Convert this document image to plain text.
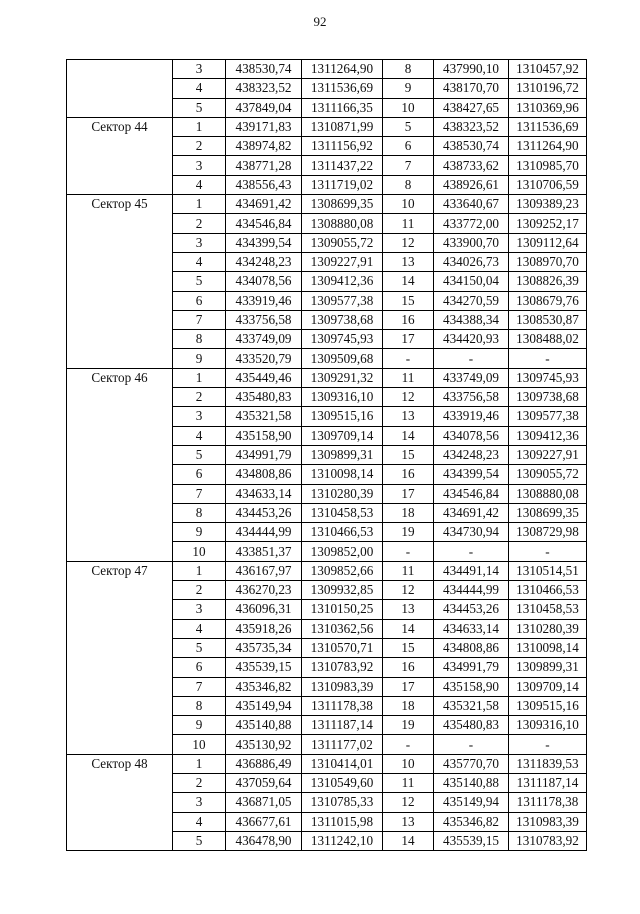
92
	3	438530,74	1311264,90	8	437990,10	1310457,92
	4	438323,52	1311536,69	9	438170,70	1310196,72
	5	437849,04	1311166,35	10	438427,65	1310369,96
Сектор 44	1	439171,83	1310871,99	5	438323,52	1311536,69
	2	438974,82	1311156,92	6	438530,74	1311264,90
	3	438771,28	1311437,22	7	438733,62	1310985,70
	4	438556,43	1311719,02	8	438926,61	1310706,59
Сектор 45	1	434691,42	1308699,35	10	433640,67	1309389,23
	2	434546,84	1308880,08	11	433772,00	1309252,17
	3	434399,54	1309055,72	12	433900,70	1309112,64
	4	434248,23	1309227,91	13	434026,73	1308970,70
	5	434078,56	1309412,36	14	434150,04	1308826,39
	6	433919,46	1309577,38	15	434270,59	1308679,76
	7	433756,58	1309738,68	16	434388,34	1308530,87
	8	433749,09	1309745,93	17	434420,93	1308488,02
	9	433520,79	1309509,68	-	-	-
Сектор 46	1	435449,46	1309291,32	11	433749,09	1309745,93
	2	435480,83	1309316,10	12	433756,58	1309738,68
	3	435321,58	1309515,16	13	433919,46	1309577,38
	4	435158,90	1309709,14	14	434078,56	1309412,36
	5	434991,79	1309899,31	15	434248,23	1309227,91
	6	434808,86	1310098,14	16	434399,54	1309055,72
	7	434633,14	1310280,39	17	434546,84	1308880,08
	8	434453,26	1310458,53	18	434691,42	1308699,35
	9	434444,99	1310466,53	19	434730,94	1308729,98
	10	433851,37	1309852,00	-	-	-
Сектор 47	1	436167,97	1309852,66	11	434491,14	1310514,51
	2	436270,23	1309932,85	12	434444,99	1310466,53
	3	436096,31	1310150,25	13	434453,26	1310458,53
	4	435918,26	1310362,56	14	434633,14	1310280,39
	5	435735,34	1310570,71	15	434808,86	1310098,14
	6	435539,15	1310783,92	16	434991,79	1309899,31
	7	435346,82	1310983,39	17	435158,90	1309709,14
	8	435149,94	1311178,38	18	435321,58	1309515,16
	9	435140,88	1311187,14	19	435480,83	1309316,10
	10	435130,92	1311177,02	-	-	-
Сектор 48	1	436886,49	1310414,01	10	435770,70	1311839,53
	2	437059,64	1310549,60	11	435140,88	1311187,14
	3	436871,05	1310785,33	12	435149,94	1311178,38
	4	436677,61	1311015,98	13	435346,82	1310983,39
	5	436478,90	1311242,10	14	435539,15	1310783,92
